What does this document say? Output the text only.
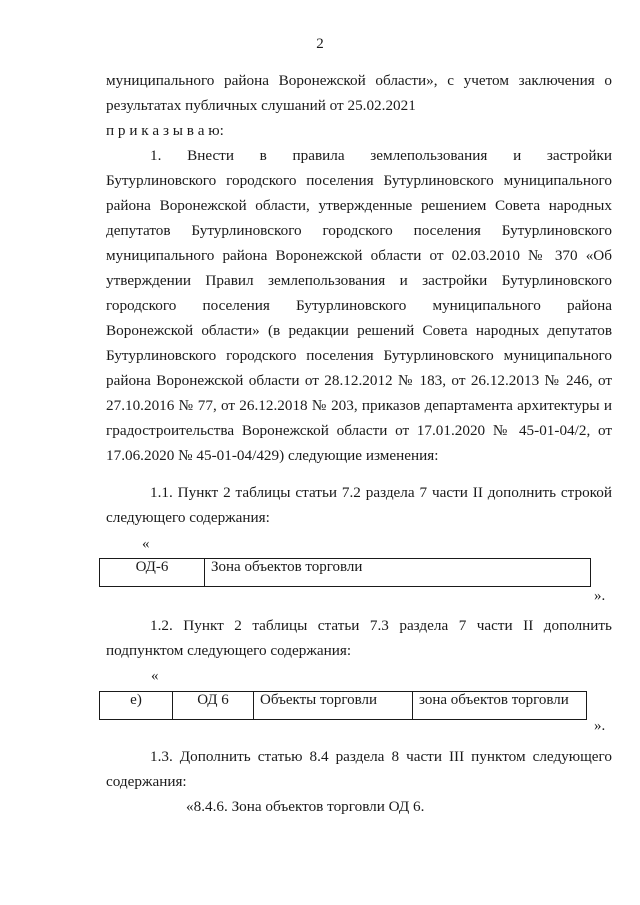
2
муниципального района Воронежской области», с учетом заключения о
результатах публичных слушаний от 25.02.2021
п р и к а з ы в а ю:
1. Внести в правила землепользования и застройки
Бутурлиновского городского поселения Бутурлиновского муниципального
района Воронежской области, утвержденные решением Совета народных
депутатов Бутурлиновского городского поселения Бутурлиновского
муниципального района Воронежской области от 02.03.2010 № 370 «Об
утверждении Правил землепользования и застройки Бутурлиновского
городского поселения Бутурлиновского муниципального района
Воронежской области» (в редакции решений Совета народных депутатов
Бутурлиновского городского поселения Бутурлиновского муниципального
района Воронежской области от 28.12.2012 № 183, от 26.12.2013 № 246, от
27.10.2016 № 77, от 26.12.2018 № 203, приказов департамента архитектуры и
градостроительства Воронежской области от 17.01.2020 № 45-01-04/2, от
17.06.2020 № 45-01-04/429) следующие изменения:
1.1. Пункт 2 таблицы статьи 7.2 раздела 7 части II дополнить строкой
следующего содержания:
«
ОД-6	Зона объектов торговли
».
1.2. Пункт 2 таблицы статьи 7.3 раздела 7 части II дополнить
подпунктом следующего содержания:
«
е)	ОД 6	Объекты торговли	зона объектов торговли
».
1.3. Дополнить статью 8.4 раздела 8 части III пунктом следующего
содержания:
«8.4.6. Зона объектов торговли ОД 6.
